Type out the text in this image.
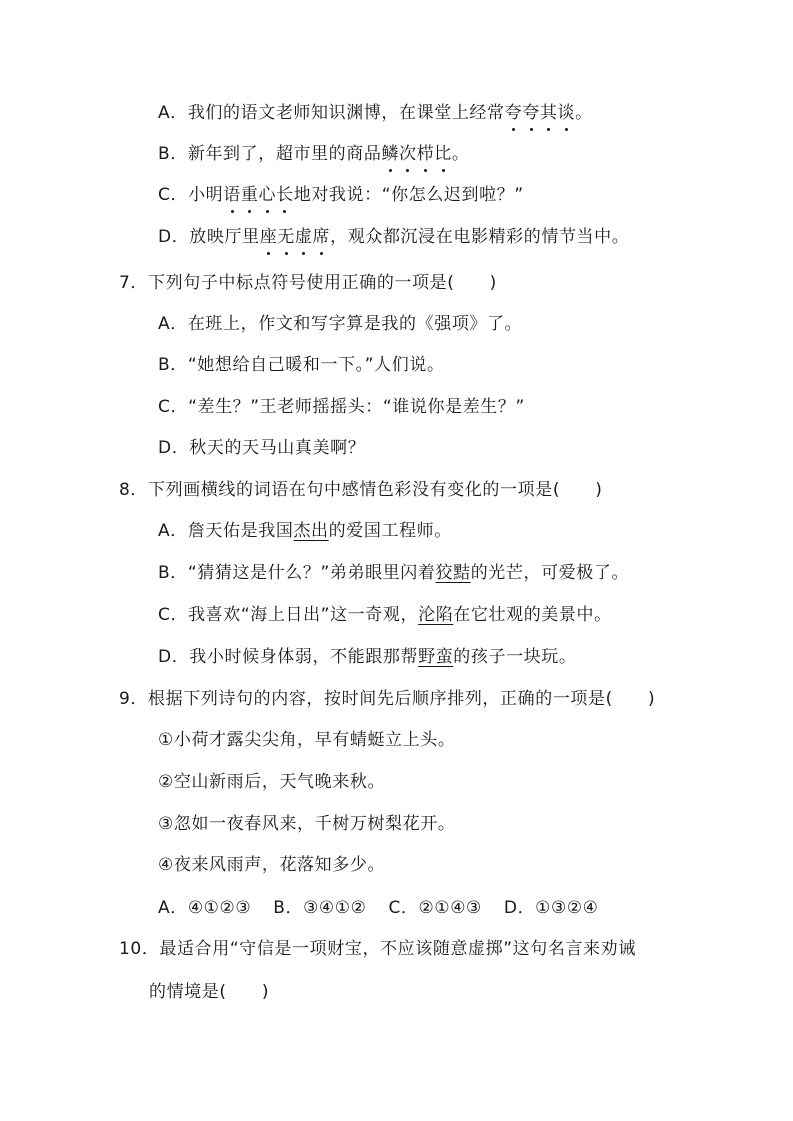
A．我们的语文老师知识渊博，在课堂上经常夸夸其谈。
B．新年到了，超市里的商品鳞次栉比。
C．小明语重心长地对我说：“你怎么迟到啦？”
D．放映厅里座无虚席，观众都沉浸在电影精彩的情节当中。
7．下列句子中标点符号使用正确的一项是(　　)
A．在班上，作文和写字算是我的《强项》了。
B．“她想给自己暖和一下。”人们说。
C．“差生？”王老师摇摇头：“谁说你是差生？”
D．秋天的天马山真美啊？
8．下列画横线的词语在句中感情色彩没有变化的一项是(　　)
A．詹天佑是我国杰出的爱国工程师。
B．“猜猜这是什么？”弟弟眼里闪着狡黠的光芒，可爱极了。
C．我喜欢“海上日出”这一奇观，沦陷在它壮观的美景中。
D．我小时候身体弱，不能跟那帮野蛮的孩子一块玩。
9．根据下列诗句的内容，按时间先后顺序排列，正确的一项是(　　)
①小荷才露尖尖角，早有蜻蜓立上头。
②空山新雨后，天气晚来秋。
③忽如一夜春风来，千树万树梨花开。
④夜来风雨声，花落知多少。
A．④①②③ B．③④①② C．②①④③ D．①③②④
10．最适合用“守信是一项财宝，不应该随意虚掷”这句名言来劝诫
的情境是(　　)
